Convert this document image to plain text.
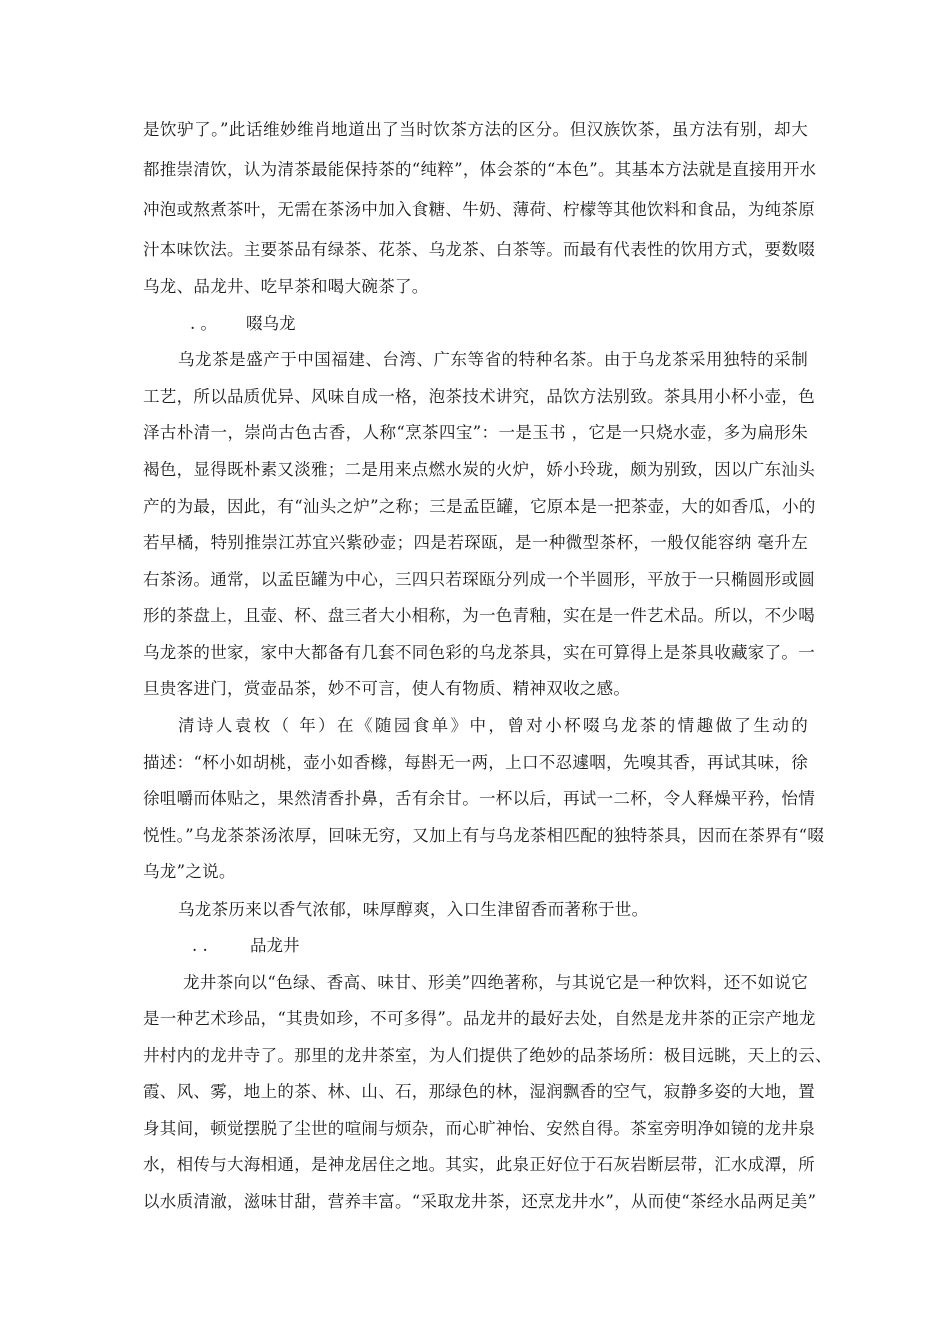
是饮驴了。”此话维妙维肖地道出了当时饮茶方法的区分。但汉族饮茶，虽方法有别，却大
都推崇清饮，认为清茶最能保持茶的“纯粹”，体会茶的“本色”。其基本方法就是直接用开水
冲泡或熬煮茶叶，无需在茶汤中加入食糖、牛奶、薄荷、柠檬等其他饮料和食品，为纯茶原
汁本味饮法。主要茶品有绿茶、花茶、乌龙茶、白茶等。而最有代表性的饮用方式，要数啜
乌龙、品龙井、吃早茶和喝大碗茶了。
. 。 啜乌龙
乌龙茶是盛产于中国福建、台湾、广东等省的特种名茶。由于乌龙茶采用独特的采制
工艺，所以品质优异、风味自成一格，泡茶技术讲究，品饮方法别致。茶具用小杯小壶，色
泽古朴清一，崇尚古色古香，人称“烹茶四宝”：一是玉书 ，它是一只烧水壶，多为扁形朱
褐色，显得既朴素又淡雅；二是用来点燃水炭的火炉，娇小玲珑，颇为别致，因以广东汕头
产的为最，因此，有“汕头之炉”之称；三是孟臣罐，它原本是一把茶壶，大的如香瓜，小的
若早橘，特别推崇江苏宜兴紫砂壶；四是若琛瓯，是一种微型茶杯，一般仅能容纳 毫升左
右茶汤。通常，以孟臣罐为中心，三四只若琛瓯分列成一个半圆形，平放于一只椭圆形或圆
形的茶盘上，且壶、杯、盘三者大小相称，为一色青釉，实在是一件艺术品。所以，不少喝
乌龙茶的世家，家中大都备有几套不同色彩的乌龙茶具，实在可算得上是茶具收藏家了。一
旦贵客进门，赏壶品茶，妙不可言，使人有物质、精神双收之感。
清诗人袁枚（ 年）在《随园食单》中，曾对小杯啜乌龙茶的情趣做了生动的
描述：“杯小如胡桃，壶小如香橼，每斟无一两，上口不忍遽咽，先嗅其香，再试其味，徐
徐咀嚼而体贴之，果然清香扑鼻，舌有余甘。一杯以后，再试一二杯，令人释燥平矜，怡情
悦性。”乌龙茶茶汤浓厚，回味无穷，又加上有与乌龙茶相匹配的独特茶具，因而在茶界有“啜
乌龙”之说。
乌龙茶历来以香气浓郁，味厚醇爽，入口生津留香而著称于世。
. .	品龙井
龙井茶向以“色绿、香高、味甘、形美”四绝著称，与其说它是一种饮料，还不如说它
是一种艺术珍品，“其贵如珍，不可多得”。品龙井的最好去处，自然是龙井茶的正宗产地龙
井村内的龙井寺了。那里的龙井茶室，为人们提供了绝妙的品茶场所：极目远眺，天上的云、
霞、风、雾，地上的茶、林、山、石，那绿色的林，湿润飘香的空气，寂静多姿的大地，置
身其间，顿觉摆脱了尘世的喧闹与烦杂，而心旷神怡、安然自得。茶室旁明净如镜的龙井泉
水，相传与大海相通，是神龙居住之地。其实，此泉正好位于石灰岩断层带，汇水成潭，所
以水质清澈，滋味甘甜，营养丰富。“采取龙井茶，还烹龙井水”，从而使“茶经水品两足美”
